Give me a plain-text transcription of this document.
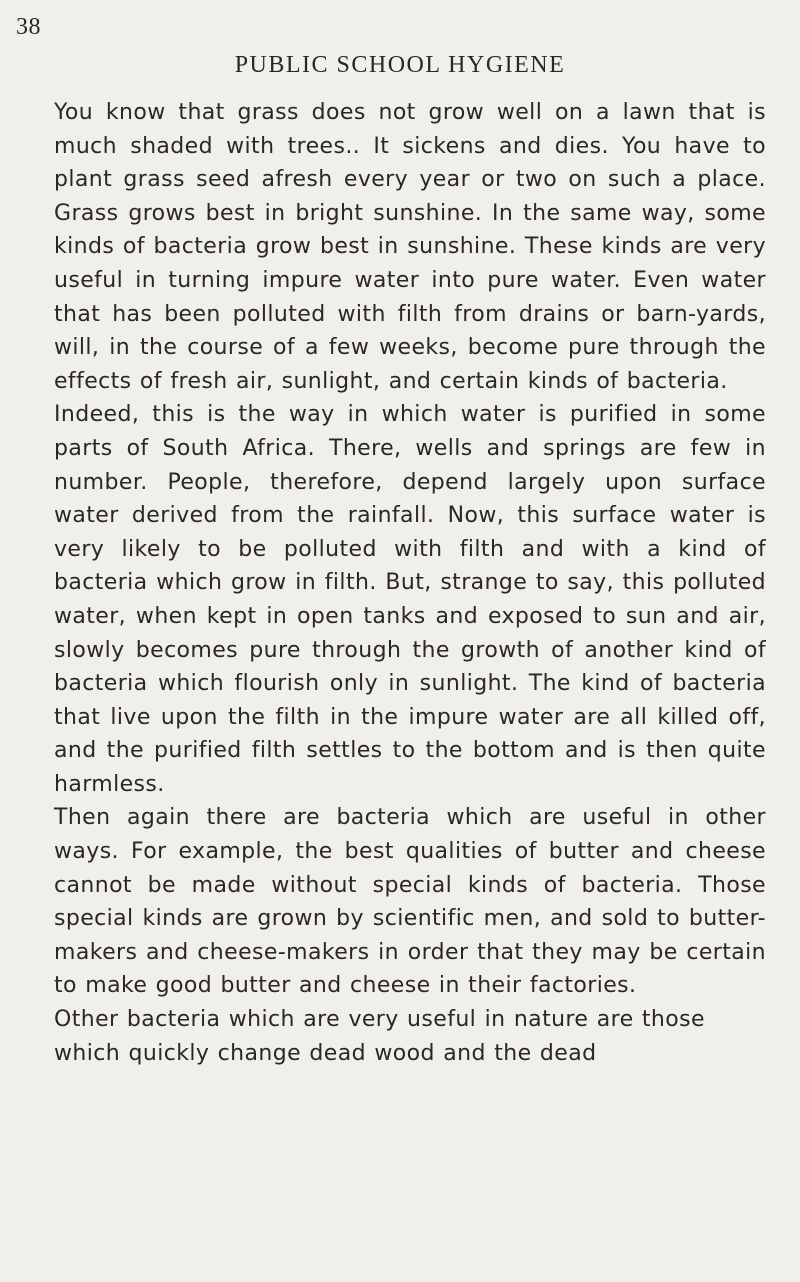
38
PUBLIC SCHOOL HYGIENE

You know that grass does not grow well on a lawn that is much shaded with trees.. It sickens and dies. You have to plant grass seed afresh every year or two on such a place. Grass grows best in bright sunshine. In the same way, some kinds of bacteria grow best in sunshine. These kinds are very useful in turning impure water into pure water. Even water that has been polluted with filth from drains or barn-yards, will, in the course of a few weeks, become pure through the effects of fresh air, sunlight, and certain kinds of bacteria.

Indeed, this is the way in which water is purified in some parts of South Africa. There, wells and springs are few in number. People, therefore, depend largely upon surface water derived from the rainfall. Now, this surface water is very likely to be polluted with filth and with a kind of bacteria which grow in filth. But, strange to say, this polluted water, when kept in open tanks and exposed to sun and air, slowly becomes pure through the growth of another kind of bacteria which flourish only in sunlight. The kind of bacteria that live upon the filth in the impure water are all killed off, and the purified filth settles to the bottom and is then quite harmless.

Then again there are bacteria which are useful in other ways. For example, the best qualities of butter and cheese cannot be made without special kinds of bacteria. Those special kinds are grown by scientific men, and sold to butter-makers and cheese-makers in order that they may be certain to make good butter and cheese in their factories.

Other bacteria which are very useful in nature are those which quickly change dead wood and the dead
